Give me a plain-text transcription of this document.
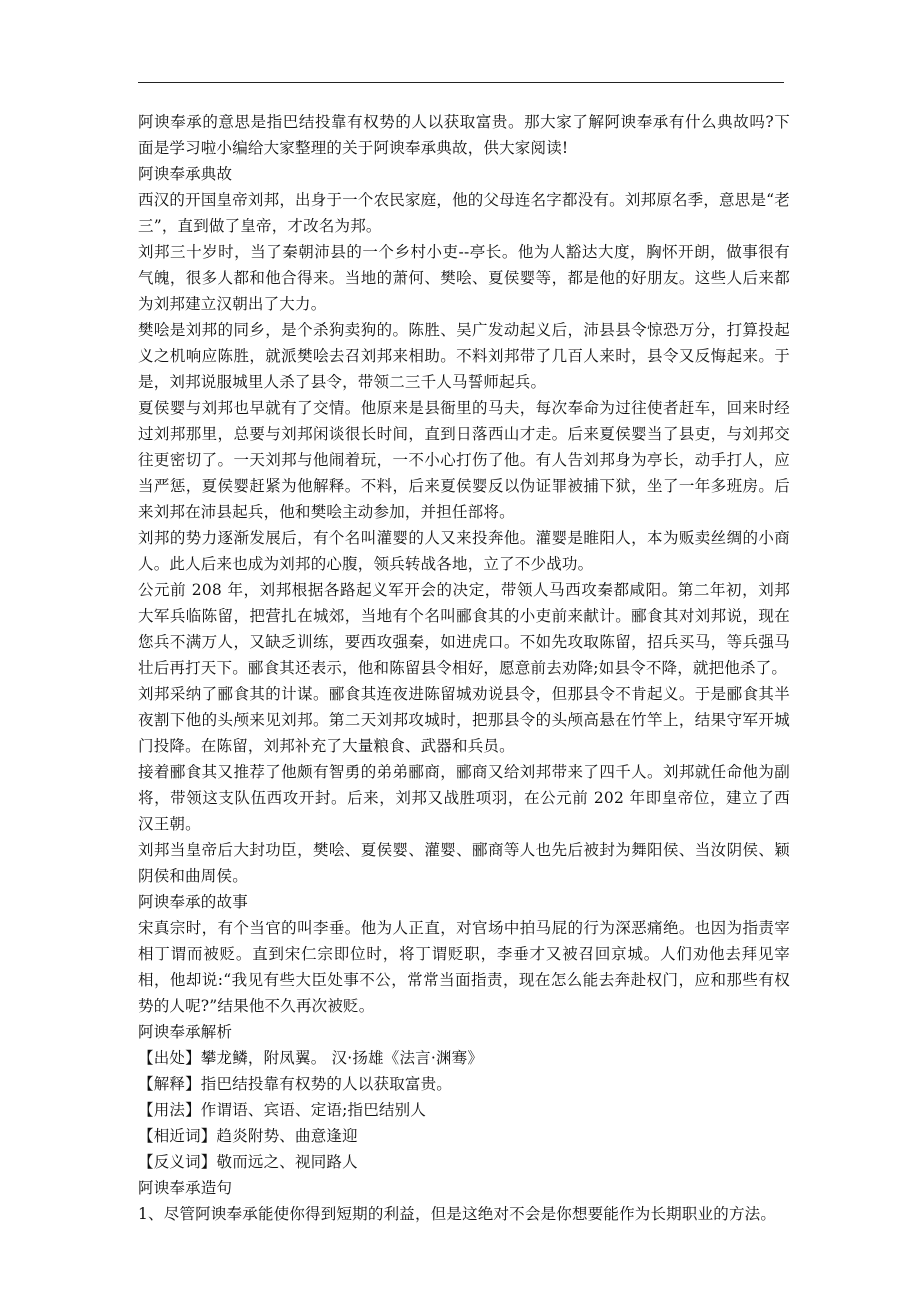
阿谀奉承的意思是指巴结投靠有权势的人以获取富贵。那大家了解阿谀奉承有什么典故吗?下面是学习啦小编给大家整理的关于阿谀奉承典故，供大家阅读!

阿谀奉承典故

西汉的开国皇帝刘邦，出身于一个农民家庭，他的父母连名字都没有。刘邦原名季，意思是“老三”，直到做了皇帝，才改名为邦。

刘邦三十岁时，当了秦朝沛县的一个乡村小吏--亭长。他为人豁达大度，胸怀开朗，做事很有气魄，很多人都和他合得来。当地的萧何、樊哙、夏侯婴等，都是他的好朋友。这些人后来都为刘邦建立汉朝出了大力。

樊哙是刘邦的同乡，是个杀狗卖狗的。陈胜、吴广发动起义后，沛县县令惊恐万分，打算投起义之机响应陈胜，就派樊哙去召刘邦来相助。不料刘邦带了几百人来时，县令又反悔起来。于是，刘邦说服城里人杀了县令，带领二三千人马誓师起兵。

夏侯婴与刘邦也早就有了交情。他原来是县衙里的马夫，每次奉命为过往使者赶车，回来时经过刘邦那里，总要与刘邦闲谈很长时间，直到日落西山才走。后来夏侯婴当了县吏，与刘邦交往更密切了。一天刘邦与他闹着玩，一不小心打伤了他。有人告刘邦身为亭长，动手打人，应当严惩，夏侯婴赶紧为他解释。不料，后来夏侯婴反以伪证罪被捕下狱，坐了一年多班房。后来刘邦在沛县起兵，他和樊哙主动参加，并担任部将。

刘邦的势力逐渐发展后，有个名叫灌婴的人又来投奔他。灌婴是睢阳人，本为贩卖丝绸的小商人。此人后来也成为刘邦的心腹，领兵转战各地，立了不少战功。

公元前 208 年，刘邦根据各路起义军开会的决定，带领人马西攻秦都咸阳。第二年初，刘邦大军兵临陈留，把营扎在城郊，当地有个名叫郦食其的小吏前来献计。郦食其对刘邦说，现在您兵不满万人，又缺乏训练，要西攻强秦，如进虎口。不如先攻取陈留，招兵买马，等兵强马壮后再打天下。郦食其还表示，他和陈留县令相好，愿意前去劝降;如县令不降，就把他杀了。

刘邦采纳了郦食其的计谋。郦食其连夜进陈留城劝说县令，但那县令不肯起义。于是郦食其半夜割下他的头颅来见刘邦。第二天刘邦攻城时，把那县令的头颅高悬在竹竿上，结果守军开城门投降。在陈留，刘邦补充了大量粮食、武器和兵员。

接着郦食其又推荐了他颇有智勇的弟弟郦商，郦商又给刘邦带来了四千人。刘邦就任命他为副将，带领这支队伍西攻开封。后来，刘邦又战胜项羽，在公元前 202 年即皇帝位，建立了西汉王朝。

刘邦当皇帝后大封功臣，樊哙、夏侯婴、灌婴、郦商等人也先后被封为舞阳侯、当汝阴侯、颖阴侯和曲周侯。

阿谀奉承的故事

宋真宗时，有个当官的叫李垂。他为人正直，对官场中拍马屁的行为深恶痛绝。也因为指责宰相丁谓而被贬。直到宋仁宗即位时，将丁谓贬职，李垂才又被召回京城。人们劝他去拜见宰相，他却说:“我见有些大臣处事不公，常常当面指责，现在怎么能去奔赴权门，应和那些有权势的人呢?”结果他不久再次被贬。

阿谀奉承解析

【出处】攀龙鳞，附凤翼。 汉·扬雄《法言·渊骞》

【解释】指巴结投靠有权势的人以获取富贵。

【用法】作谓语、宾语、定语;指巴结别人

【相近词】趋炎附势、曲意逢迎

【反义词】敬而远之、视同路人

阿谀奉承造句

1、尽管阿谀奉承能使你得到短期的利益，但是这绝对不会是你想要能作为长期职业的方法。
